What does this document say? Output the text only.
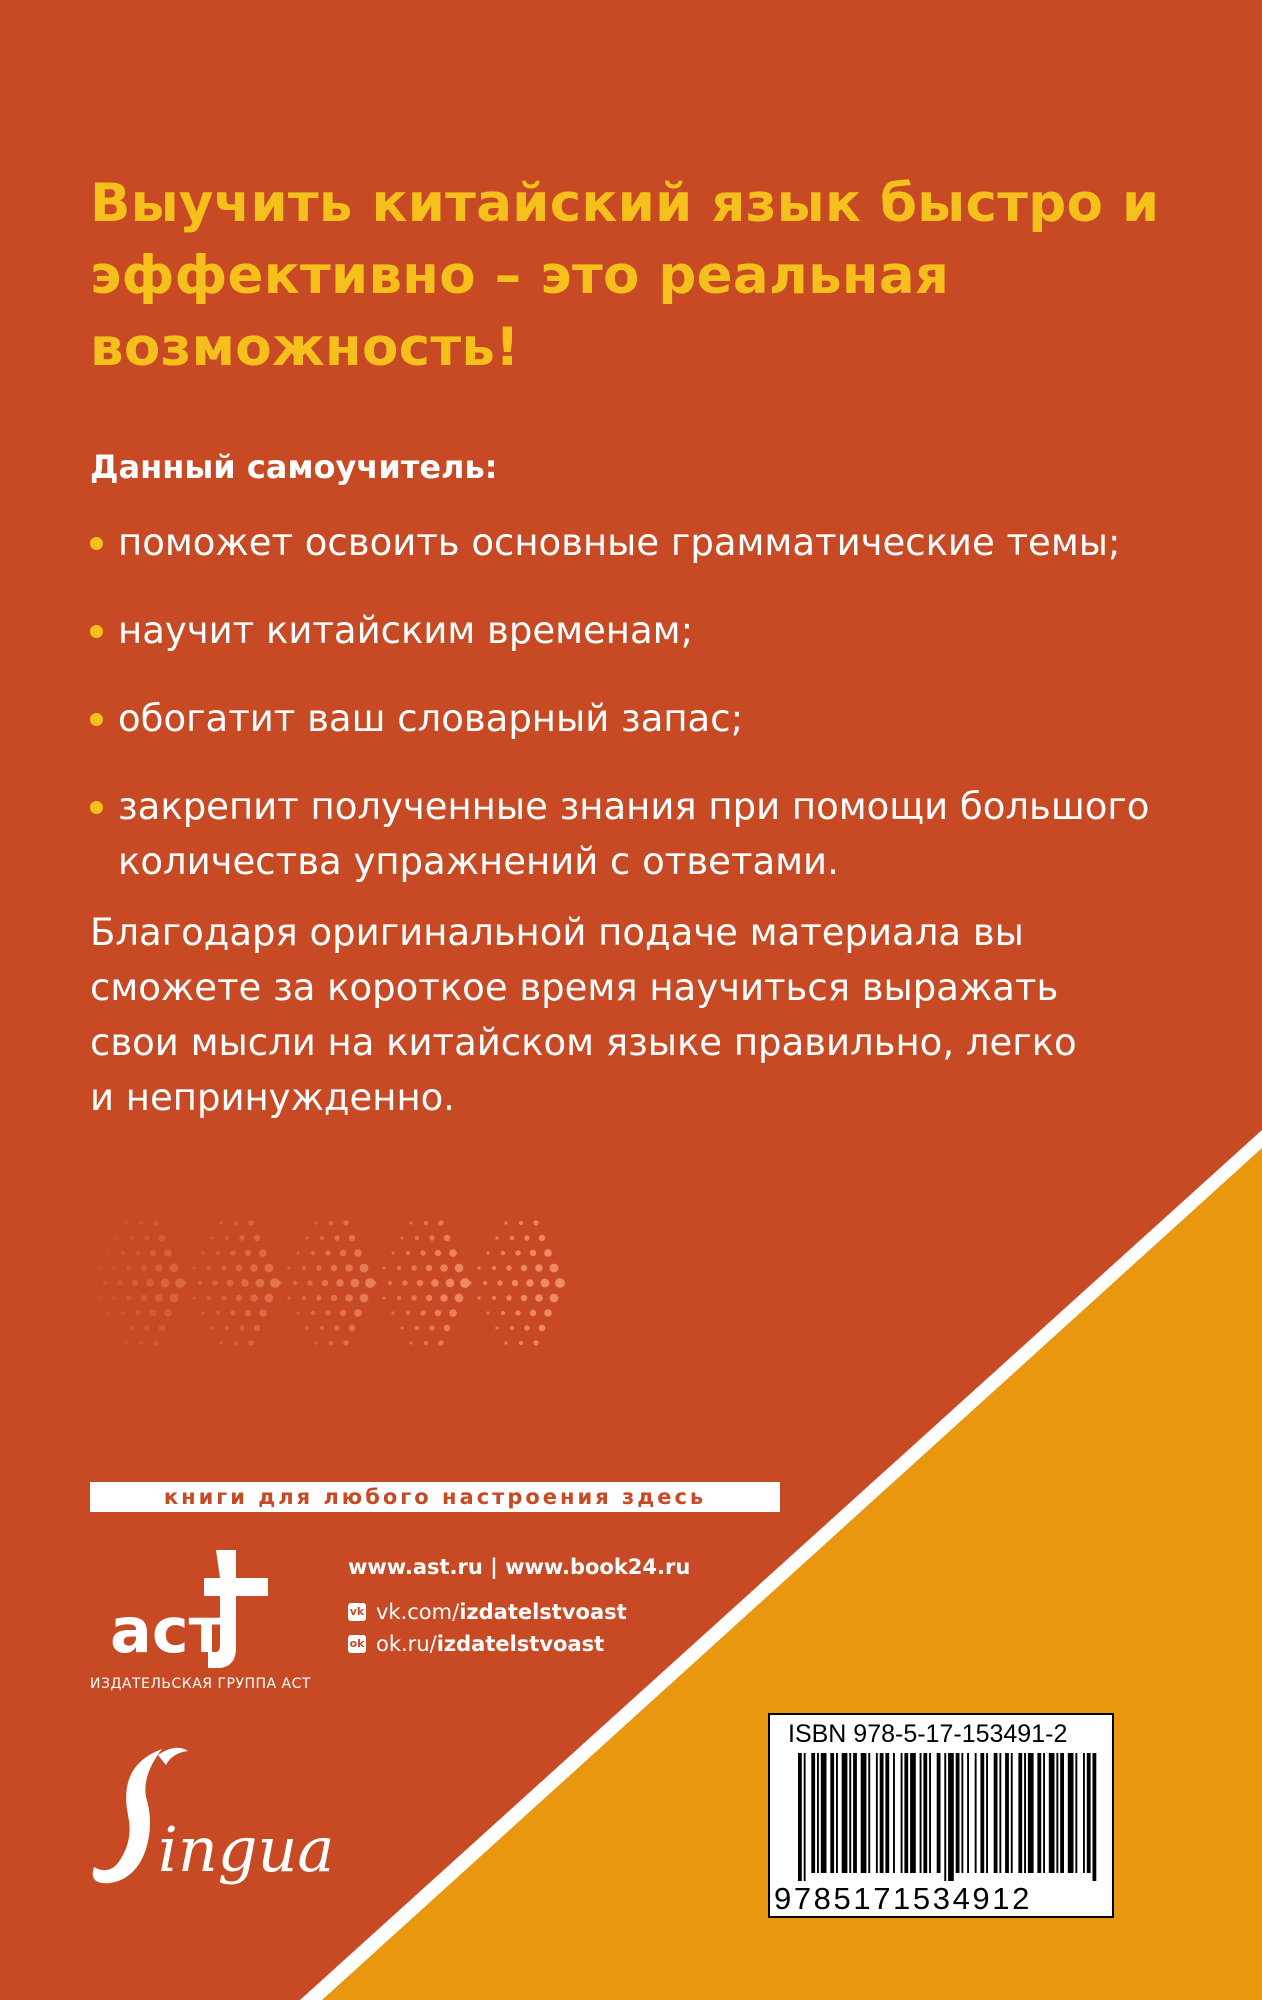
Выучить китайский язык быстро и эффективно – это реальная возможность!

Данный самоучитель:

поможет освоить основные грамматические темы;
научит китайским временам;
обогатит ваш словарный запас;
закрепит полученные знания при помощи большого количества упражнений с ответами.

Благодаря оригинальной подаче материала вы сможете за короткое время научиться выражать свои мысли на китайском языке правильно, легко и непринужденно.

книги для любого настроения здесь
аст

ИЗДАТЕЛЬСКАЯ ГРУППА АСТ

www.ast.ru | www.book24.ru
vk vk.com/ izdatelstvoast
ok ok.ru/ izdatelstvoast
ingua
ISBN 978-5-17-153491-2
9785171534912
